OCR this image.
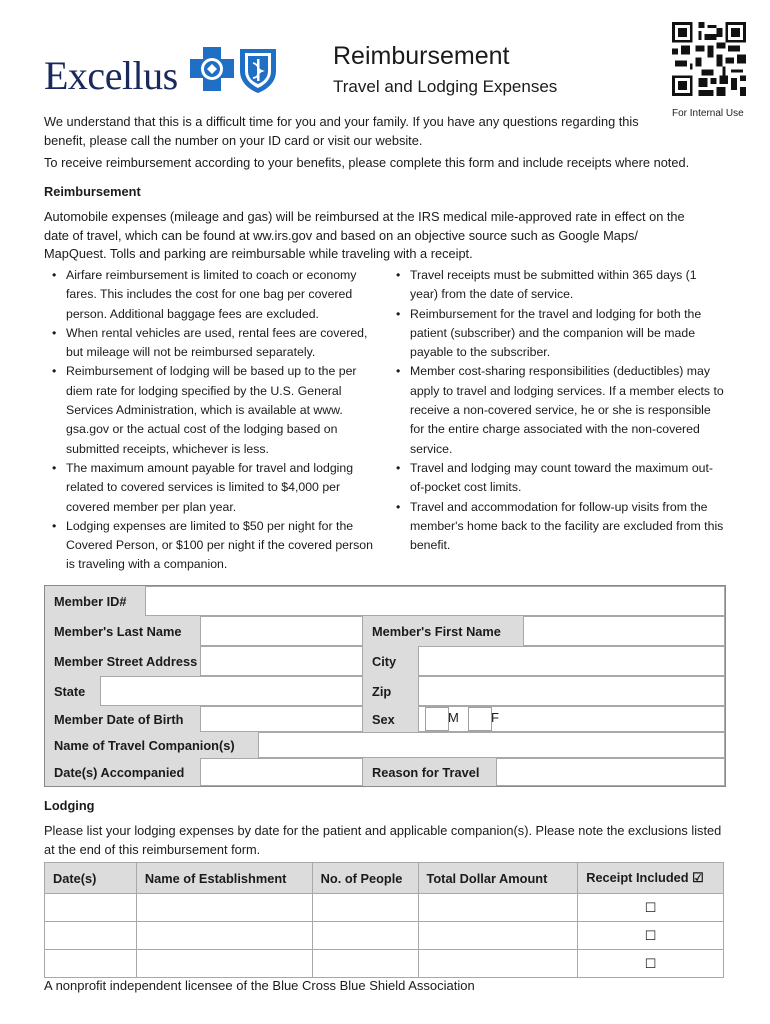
Excellus	Reimbursement
Travel and Lodging Expenses
For Internal Use
We understand that this is a difficult time for you and your family. If you have any questions regarding this benefit, please call the number on your ID card or visit our website.
To receive reimbursement according to your benefits, please complete this form and include receipts where noted.
Reimbursement
Automobile expenses (mileage and gas) will be reimbursed at the IRS medical mile-approved rate in effect on the date of travel, which can be found at ww.irs.gov and based on an objective source such as Google Maps/ MapQuest. Tolls and parking are reimbursable while traveling with a receipt.
• Airfare reimbursement is limited to coach or economy fares. This includes the cost for one bag per covered person. Additional baggage fees are excluded.
• When rental vehicles are used, rental fees are covered, but mileage will not be reimbursed separately.
• Reimbursement of lodging will be based up to the per diem rate for lodging specified by the U.S. General Services Administration, which is available at www. gsa.gov or the actual cost of the lodging based on submitted receipts, whichever is less.
• The maximum amount payable for travel and lodging related to covered services is limited to $4,000 per covered member per plan year.
• Lodging expenses are limited to $50 per night for the Covered Person, or $100 per night if the covered person is traveling with a companion.
• Travel receipts must be submitted within 365 days (1 year) from the date of service.
• Reimbursement for the travel and lodging for both the patient (subscriber) and the companion will be made payable to the subscriber.
• Member cost-sharing responsibilities (deductibles) may apply to travel and lodging services. If a member elects to receive a non-covered service, he or she is responsible for the entire charge associated with the non-covered service.
• Travel and lodging may count toward the maximum out-of-pocket cost limits.
• Travel and accommodation for follow-up visits from the member's home back to the facility are excluded from this benefit.
Member ID#
Member's Last Name	Member's First Name
Member Street Address	City
State	Zip
Member Date of Birth	Sex	M F
Name of Travel Companion(s)
Date(s) Accompanied	Reason for Travel
Lodging
Please list your lodging expenses by date for the patient and applicable companion(s). Please note the exclusions listed at the end of this reimbursement form.
Date(s)	Name of Establishment	No. of People	Total Dollar Amount	Receipt Included ☑
				☐
				☐
				☐
A nonprofit independent licensee of the Blue Cross Blue Shield Association
